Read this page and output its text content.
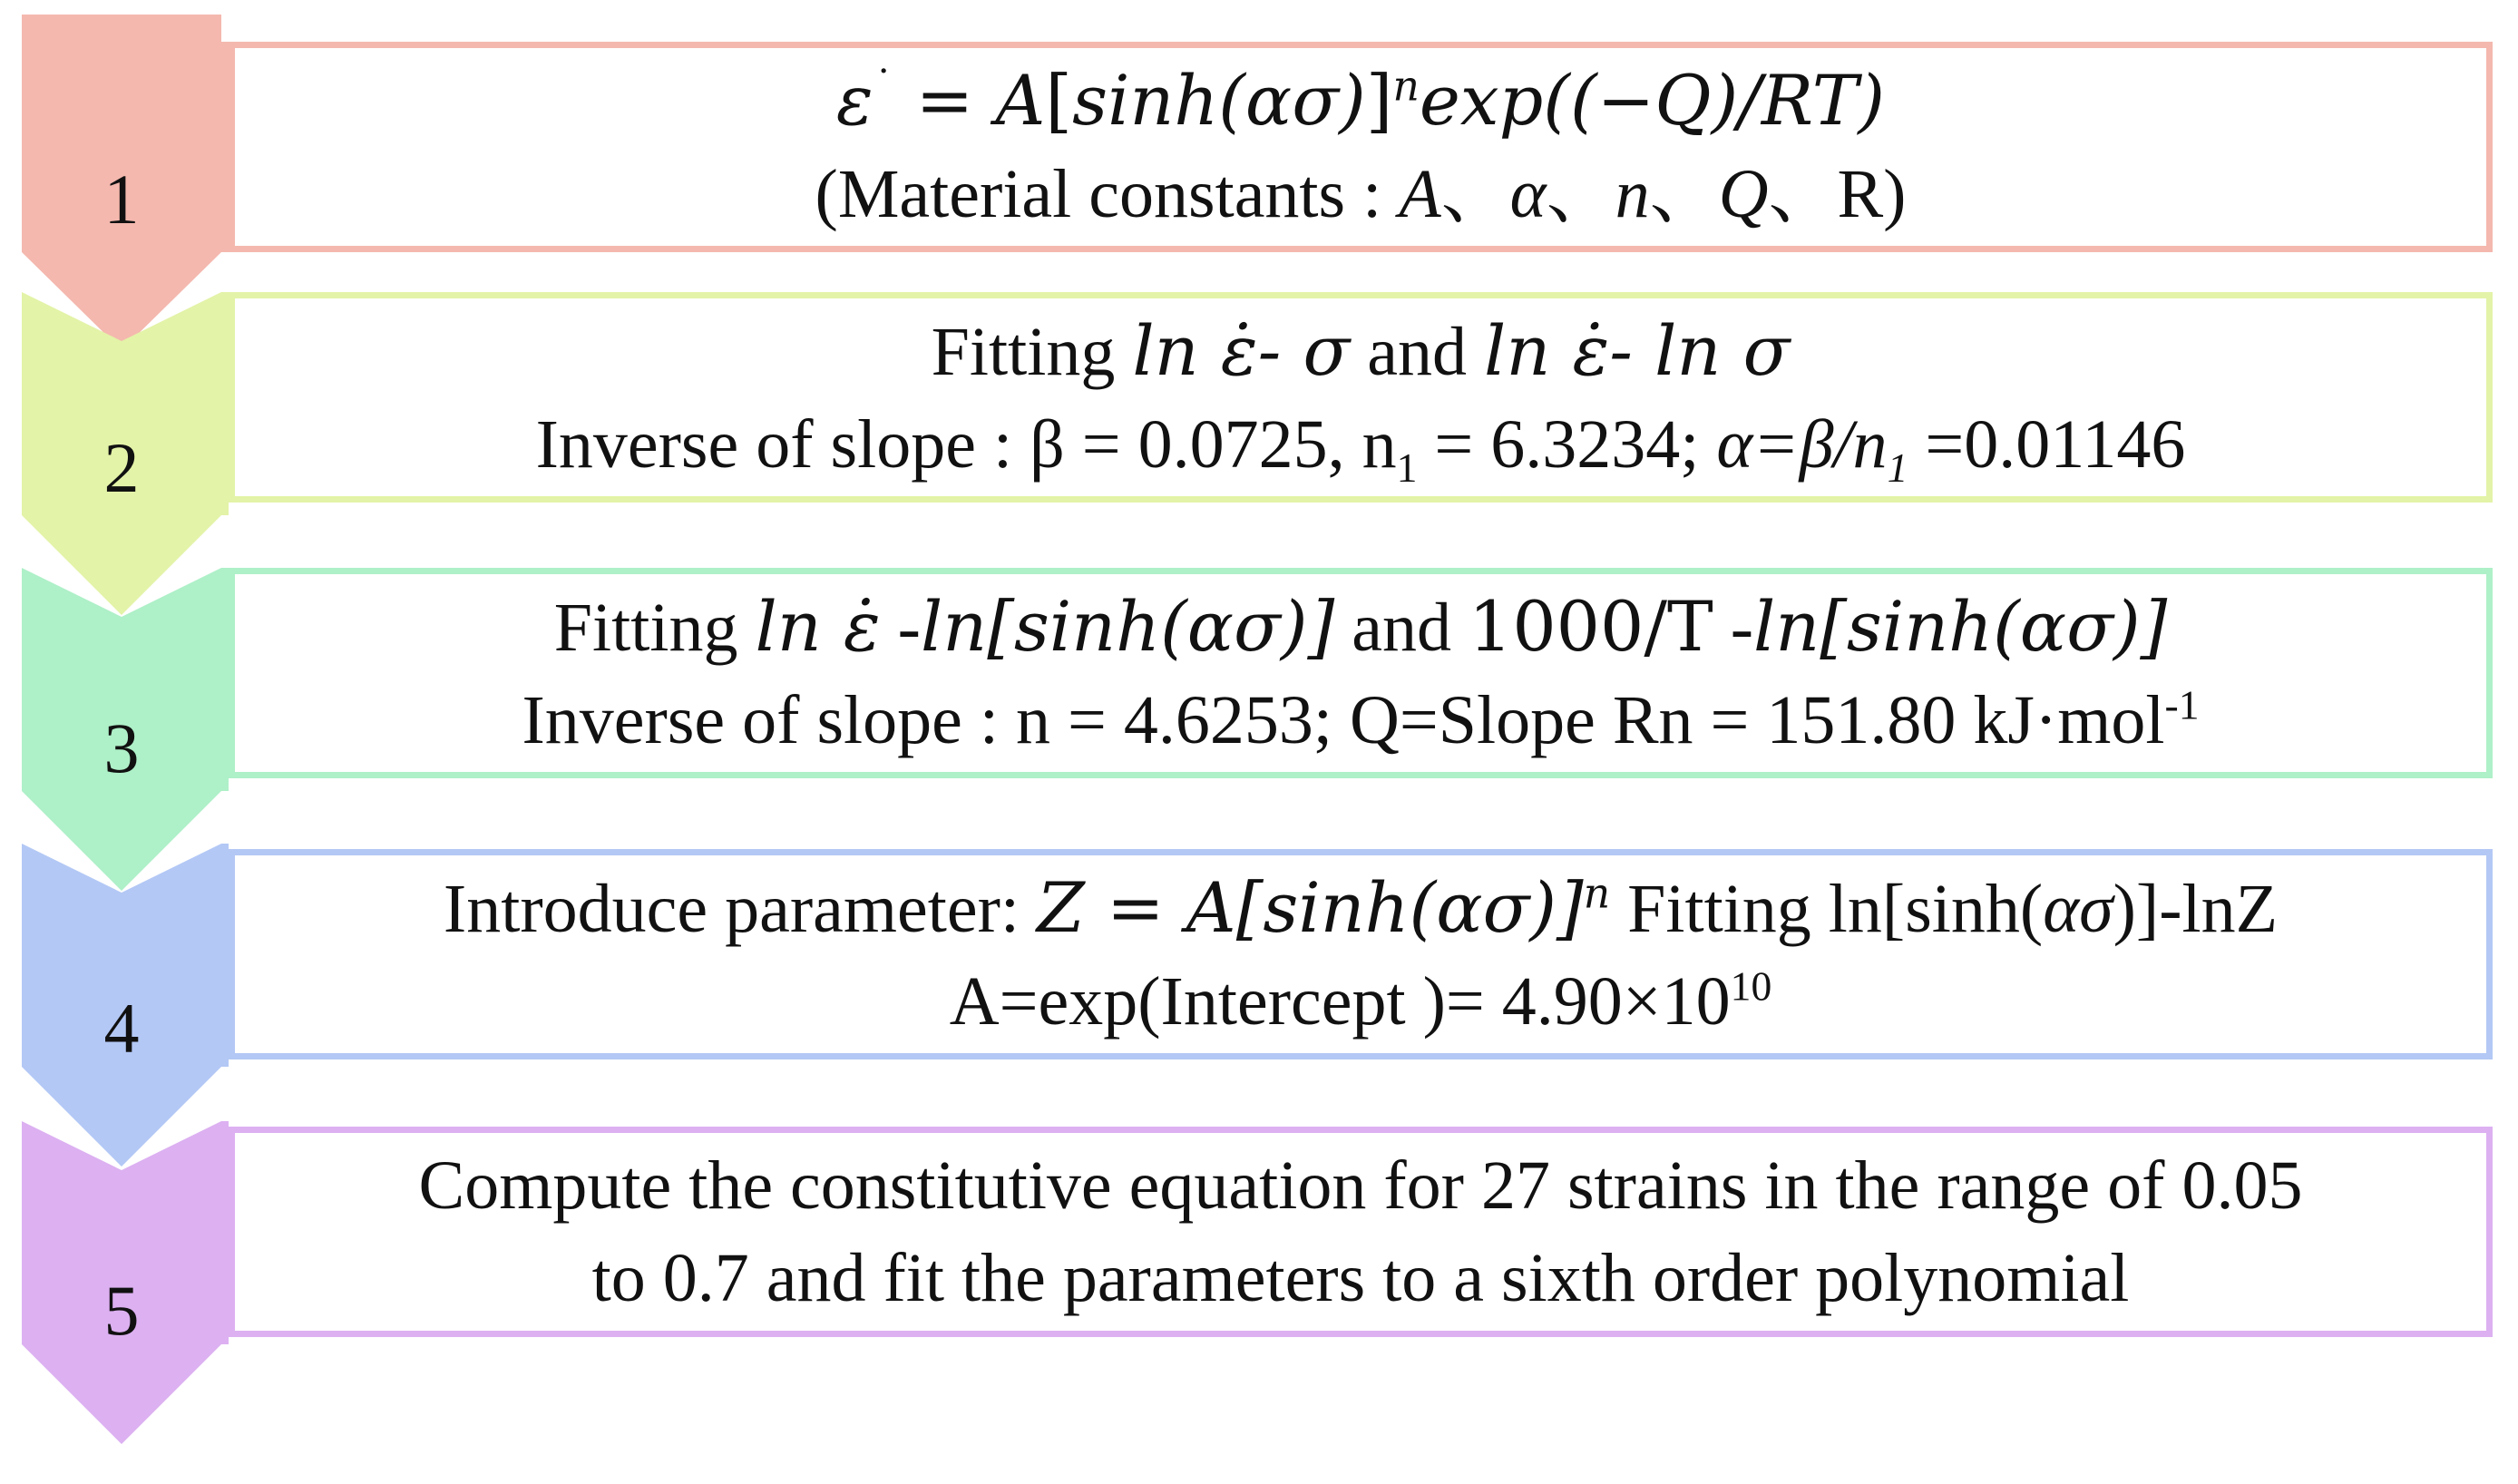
1
$\varepsilon^˙ = A[\sinh(\alpha\sigma)]^n\exp((-Q)/RT)$
(Material constants : A、α、n、Q、R)
2
Fitting ln ε̇- σ and ln ε̇- ln σ
Inverse of slope : β = 0.0725, $n_1 = 6.3234$; $\alpha=\beta/n_1 =0.01146$
3
Fitting ln ε̇ -ln[sinh(ασ)] and 1000/T -ln[sinh(ασ)]
Inverse of slope : n = 4.6253; Q=Slope Rn = 151.80 kJ·mol$^{-1}$
4
Introduce parameter: $Z = A[\sinh(\alpha\sigma)]^n$ Fitting ln[sinh(ασ)]-lnZ
A=exp(Intercept )= $4.90\times 10^{10}$
5
Compute the constitutive equation for 27 strains in the range of 0.05
to 0.7 and fit the parameters to a sixth order polynomial
